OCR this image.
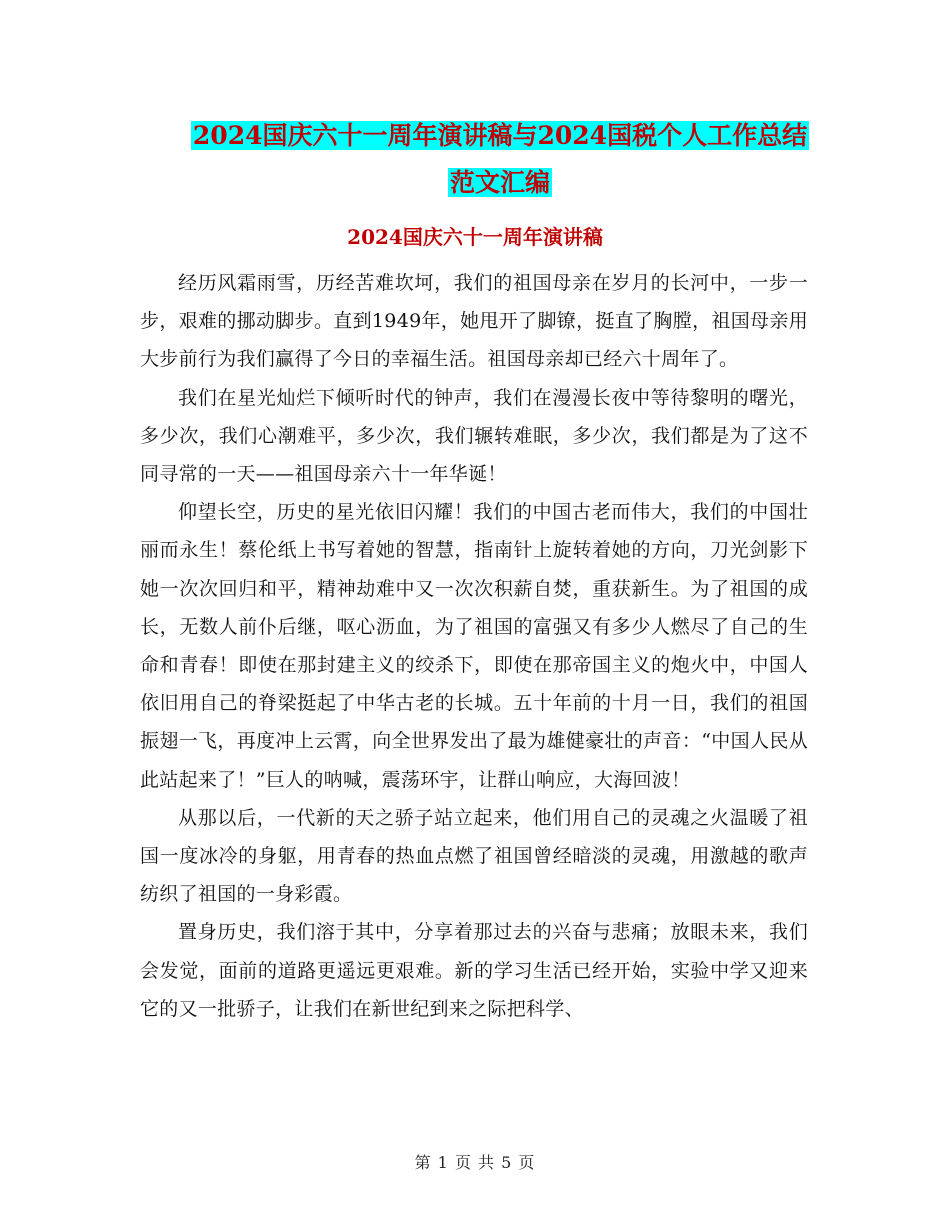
2024国庆六十一周年演讲稿与2024国税个人工作总结
范文汇编
2024国庆六十一周年演讲稿

经历风霜雨雪，历经苦难坎坷，我们的祖国母亲在岁月的长河中，一步一步，艰难的挪动脚步。直到1949年，她甩开了脚镣，挺直了胸膛，祖国母亲用大步前行为我们赢得了今日的幸福生活。祖国母亲却已经六十周年了。

我们在星光灿烂下倾听时代的钟声，我们在漫漫长夜中等待黎明的曙光，多少次，我们心潮难平，多少次，我们辗转难眠，多少次，我们都是为了这不同寻常的一天——祖国母亲六十一年华诞！

仰望长空，历史的星光依旧闪耀！我们的中国古老而伟大，我们的中国壮丽而永生！蔡伦纸上书写着她的智慧，指南针上旋转着她的方向，刀光剑影下她一次次回归和平，精神劫难中又一次次积薪自焚，重获新生。为了祖国的成长，无数人前仆后继，呕心沥血，为了祖国的富强又有多少人燃尽了自己的生命和青春！即使在那封建主义的绞杀下，即使在那帝国主义的炮火中，中国人依旧用自己的脊梁挺起了中华古老的长城。五十年前的十月一日，我们的祖国振翅一飞，再度冲上云霄，向全世界发出了最为雄健豪壮的声音：“中国人民从此站起来了！”巨人的呐喊，震荡环宇，让群山响应，大海回波！

从那以后，一代新的天之骄子站立起来，他们用自己的灵魂之火温暖了祖国一度冰冷的身躯，用青春的热血点燃了祖国曾经暗淡的灵魂，用激越的歌声纺织了祖国的一身彩霞。

置身历史，我们溶于其中，分享着那过去的兴奋与悲痛；放眼未来，我们会发觉，面前的道路更遥远更艰难。新的学习生活已经开始，实验中学又迎来它的又一批骄子，让我们在新世纪到来之际把科学、

第 1 页 共 5 页
